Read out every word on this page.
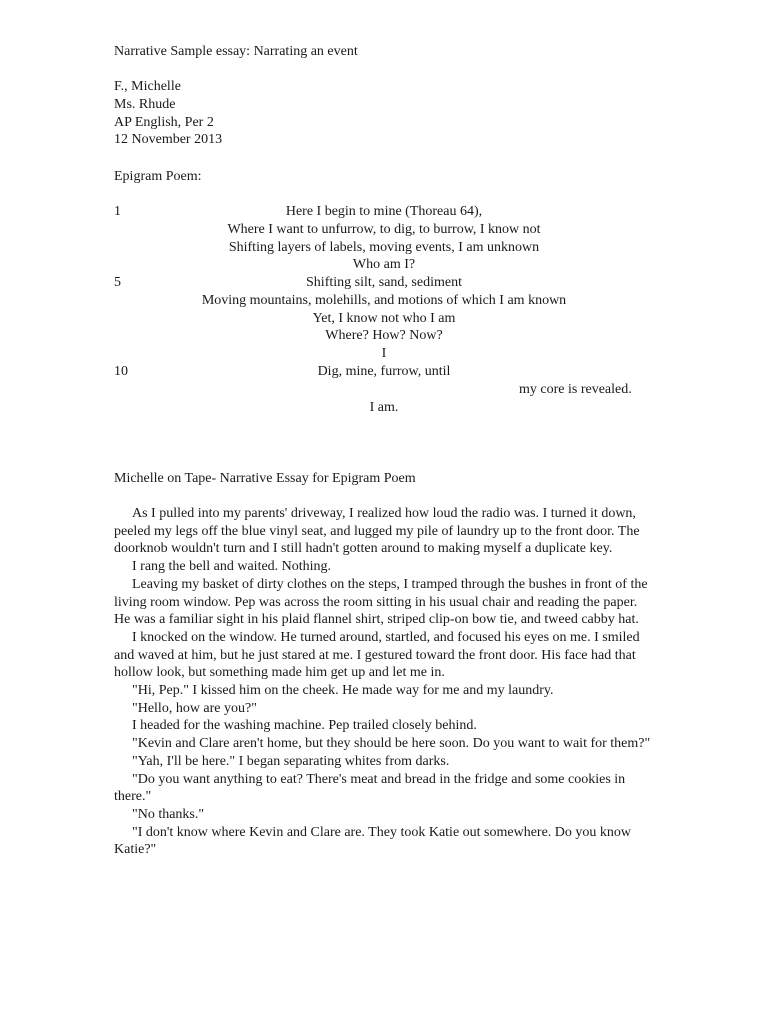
Narrative Sample essay: Narrating an event
F., Michelle
Ms. Rhude
AP English, Per 2
12 November 2013
Epigram Poem:
1
5
10
Here I begin to mine (Thoreau 64),
Where I want to unfurrow, to dig, to burrow, I know not
Shifting layers of labels, moving events, I am unknown
Who am I?
Shifting silt, sand, sediment
Moving mountains, molehills, and motions of which I am known
Yet, I know not who I am
Where? How? Now?
I
Dig, mine, furrow, until
my core is revealed.
I am.
Michelle on Tape- Narrative Essay for Epigram Poem

As I pulled into my parents' driveway, I realized how loud the radio was. I turned it down, peeled my legs off the blue vinyl seat, and lugged my pile of laundry up to the front door. The doorknob wouldn't turn and I still hadn't gotten around to making myself a duplicate key.

I rang the bell and waited. Nothing.

Leaving my basket of dirty clothes on the steps, I tramped through the bushes in front of the living room window. Pep was across the room sitting in his usual chair and reading the paper. He was a familiar sight in his plaid flannel shirt, striped clip-on bow tie, and tweed cabby hat.

I knocked on the window. He turned around, startled, and focused his eyes on me. I smiled and waved at him, but he just stared at me. I gestured toward the front door. His face had that hollow look, but something made him get up and let me in.

"Hi, Pep." I kissed him on the cheek. He made way for me and my laundry.

"Hello, how are you?"

I headed for the washing machine. Pep trailed closely behind.

"Kevin and Clare aren't home, but they should be here soon. Do you want to wait for them?"

"Yah, I'll be here." I began separating whites from darks.

"Do you want anything to eat? There's meat and bread in the fridge and some cookies in there."

"No thanks."

"I don't know where Kevin and Clare are. They took Katie out somewhere. Do you know Katie?"
